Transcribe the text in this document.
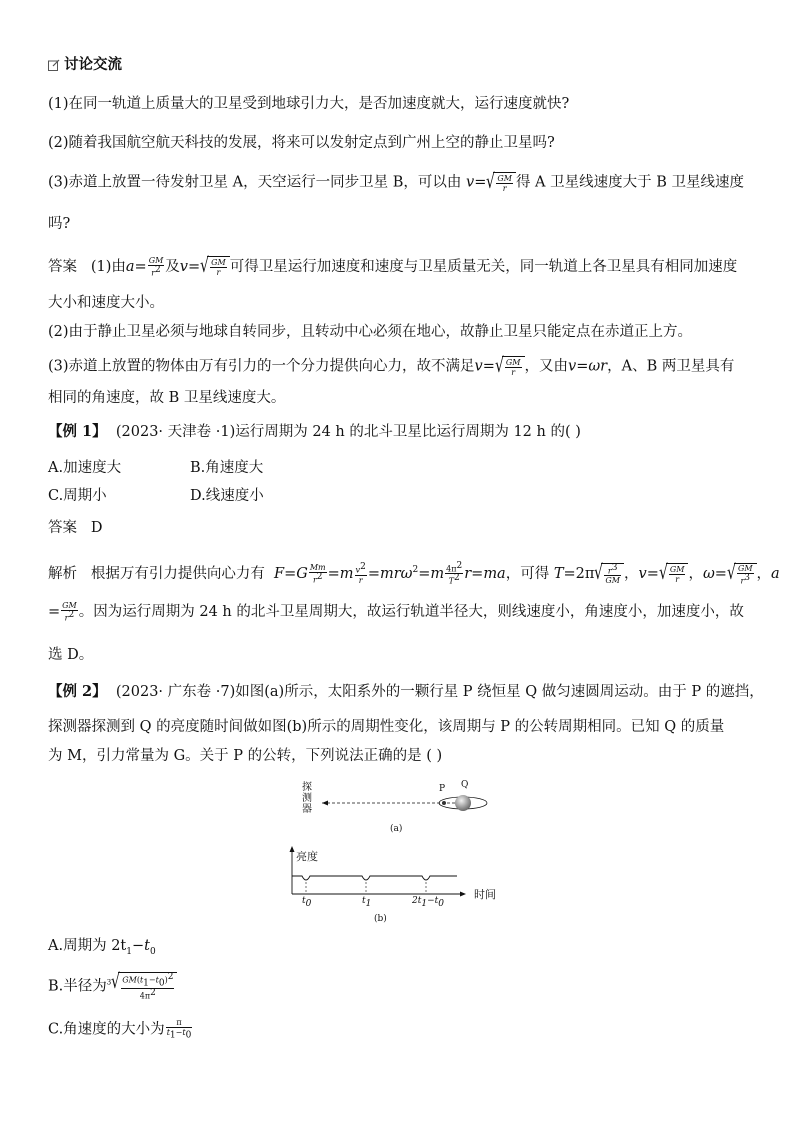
讨论交流
(1)在同一轨道上质量大的卫星受到地球引力大，是否加速度就大，运行速度就快?
(2)随着我国航空航天科技的发展，将来可以发射定点到广州上空的静止卫星吗?
(3)赤道上放置一待发射卫星 A，天空运行一同步卫星 B，可以由 v= √ $\frac{GM}{r}$ 得 A 卫星线速度大于 B 卫星线速度
吗?
答案 (1)由$a= \frac{GM}{r^2}$ 及v= √ $\frac{GM}{r}$ 可得卫星运行加速度和速度与卫星质量无关，同一轨道上各卫星具有相同加速度
大小和速度大小。
(2)由于静止卫星必须与地球自转同步，且转动中心必须在地心，故静止卫星只能定点在赤道正上方。
(3)赤道上放置的物体由万有引力的一个分力提供向心力，故不满足v= √ $\frac{GM}{r}$ ，又由v=ωr，A、B 两卫星具有
相同的角速度，故 B 卫星线速度大。
【例 1】 (2023· 天津卷 ·1)运行周期为 24 h 的北斗卫星比运行周期为 12 h 的( )
A.加速度大	B.角速度大
C.周期小	D.线速度小
答案 D
解析 根据万有引力提供向心力有 $F=G \frac{Mm}{r^2} =m \frac{v^2}{r} =mr\omega^2=m \frac{4\pi^2}{T^2} r=ma$，可得 T=2π √ $\frac{r^3}{GM}$ ，v= √ $\frac{GM}{r}$ ，ω= √ $\frac{GM}{r^3}$ ，a
= $\frac{GM}{r^2}$ 。因为运行周期为 24 h 的北斗卫星周期大，故运行轨道半径大，则线速度小，角速度小，加速度小，故
选 D。
【例 2】 (2023· 广东卷 ·7)如图(a)所示，太阳系外的一颗行星 P 绕恒星 Q 做匀速圆周运动。由于 P 的遮挡，
探测器探测到 Q 的亮度随时间做如图(b)所示的周期性变化，该周期与 P 的公转周期相同。已知 Q 的质量
为 M，引力常量为 G。关于 P 的公转，下列说法正确的是 ( )
探
测
器
P Q
(a)
亮度
时间
$t_0$	$t_1$	$2t_1-t_0$
(b)
A.周期为 $2t_1-t_0$
B.半径为$^3$ √ $\frac{GM(t_1-t_0)^2}{4\pi^2}$
C.角速度的大小为 $\frac{\pi}{t_1-t_0}$
